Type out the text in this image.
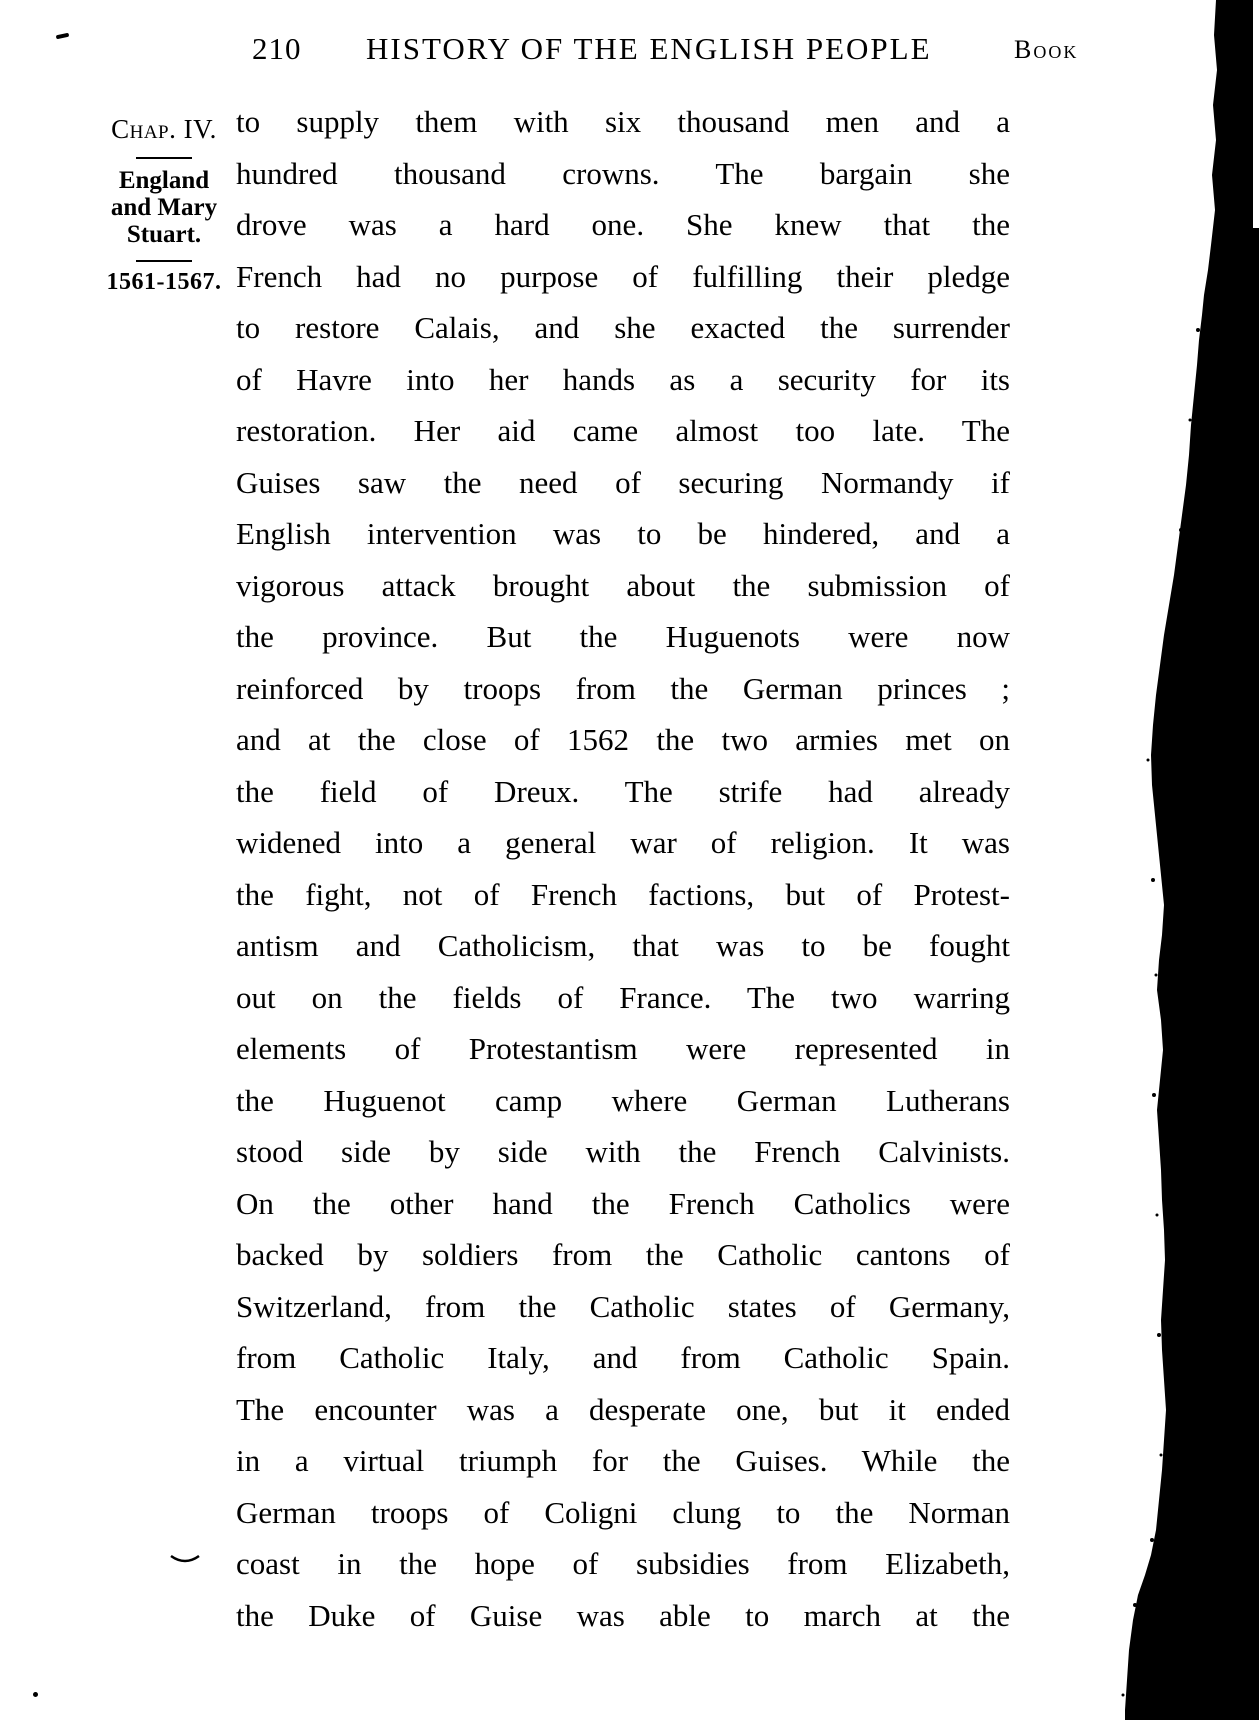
210 HISTORY OF THE ENGLISH PEOPLE	Book
Chap. IV.
England
and Mary
Stuart.
1561-1567.
to supply them with six thousand men and a
hundred thousand crowns. The bargain she
drove was a hard one. She knew that the
French had no purpose of fulfilling their pledge
to restore Calais, and she exacted the surrender
of Havre into her hands as a security for its
restoration. Her aid came almost too late. The
Guises saw the need of securing Normandy if
English intervention was to be hindered, and a
vigorous attack brought about the submission of
the province. But the Huguenots were now
reinforced by troops from the German princes ;
and at the close of 1562 the two armies met on
the field of Dreux. The strife had already
widened into a general war of religion. It was
the fight, not of French factions, but of Protest-
antism and Catholicism, that was to be fought
out on the fields of France. The two warring
elements of Protestantism were represented in
the Huguenot camp where German Lutherans
stood side by side with the French Calvinists.
On the other hand the French Catholics were
backed by soldiers from the Catholic cantons of
Switzerland, from the Catholic states of Germany,
from Catholic Italy, and from Catholic Spain.
The encounter was a desperate one, but it ended
in a virtual triumph for the Guises. While the
German troops of Coligni clung to the Norman
coast in the hope of subsidies from Elizabeth,
the Duke of Guise was able to march at the
